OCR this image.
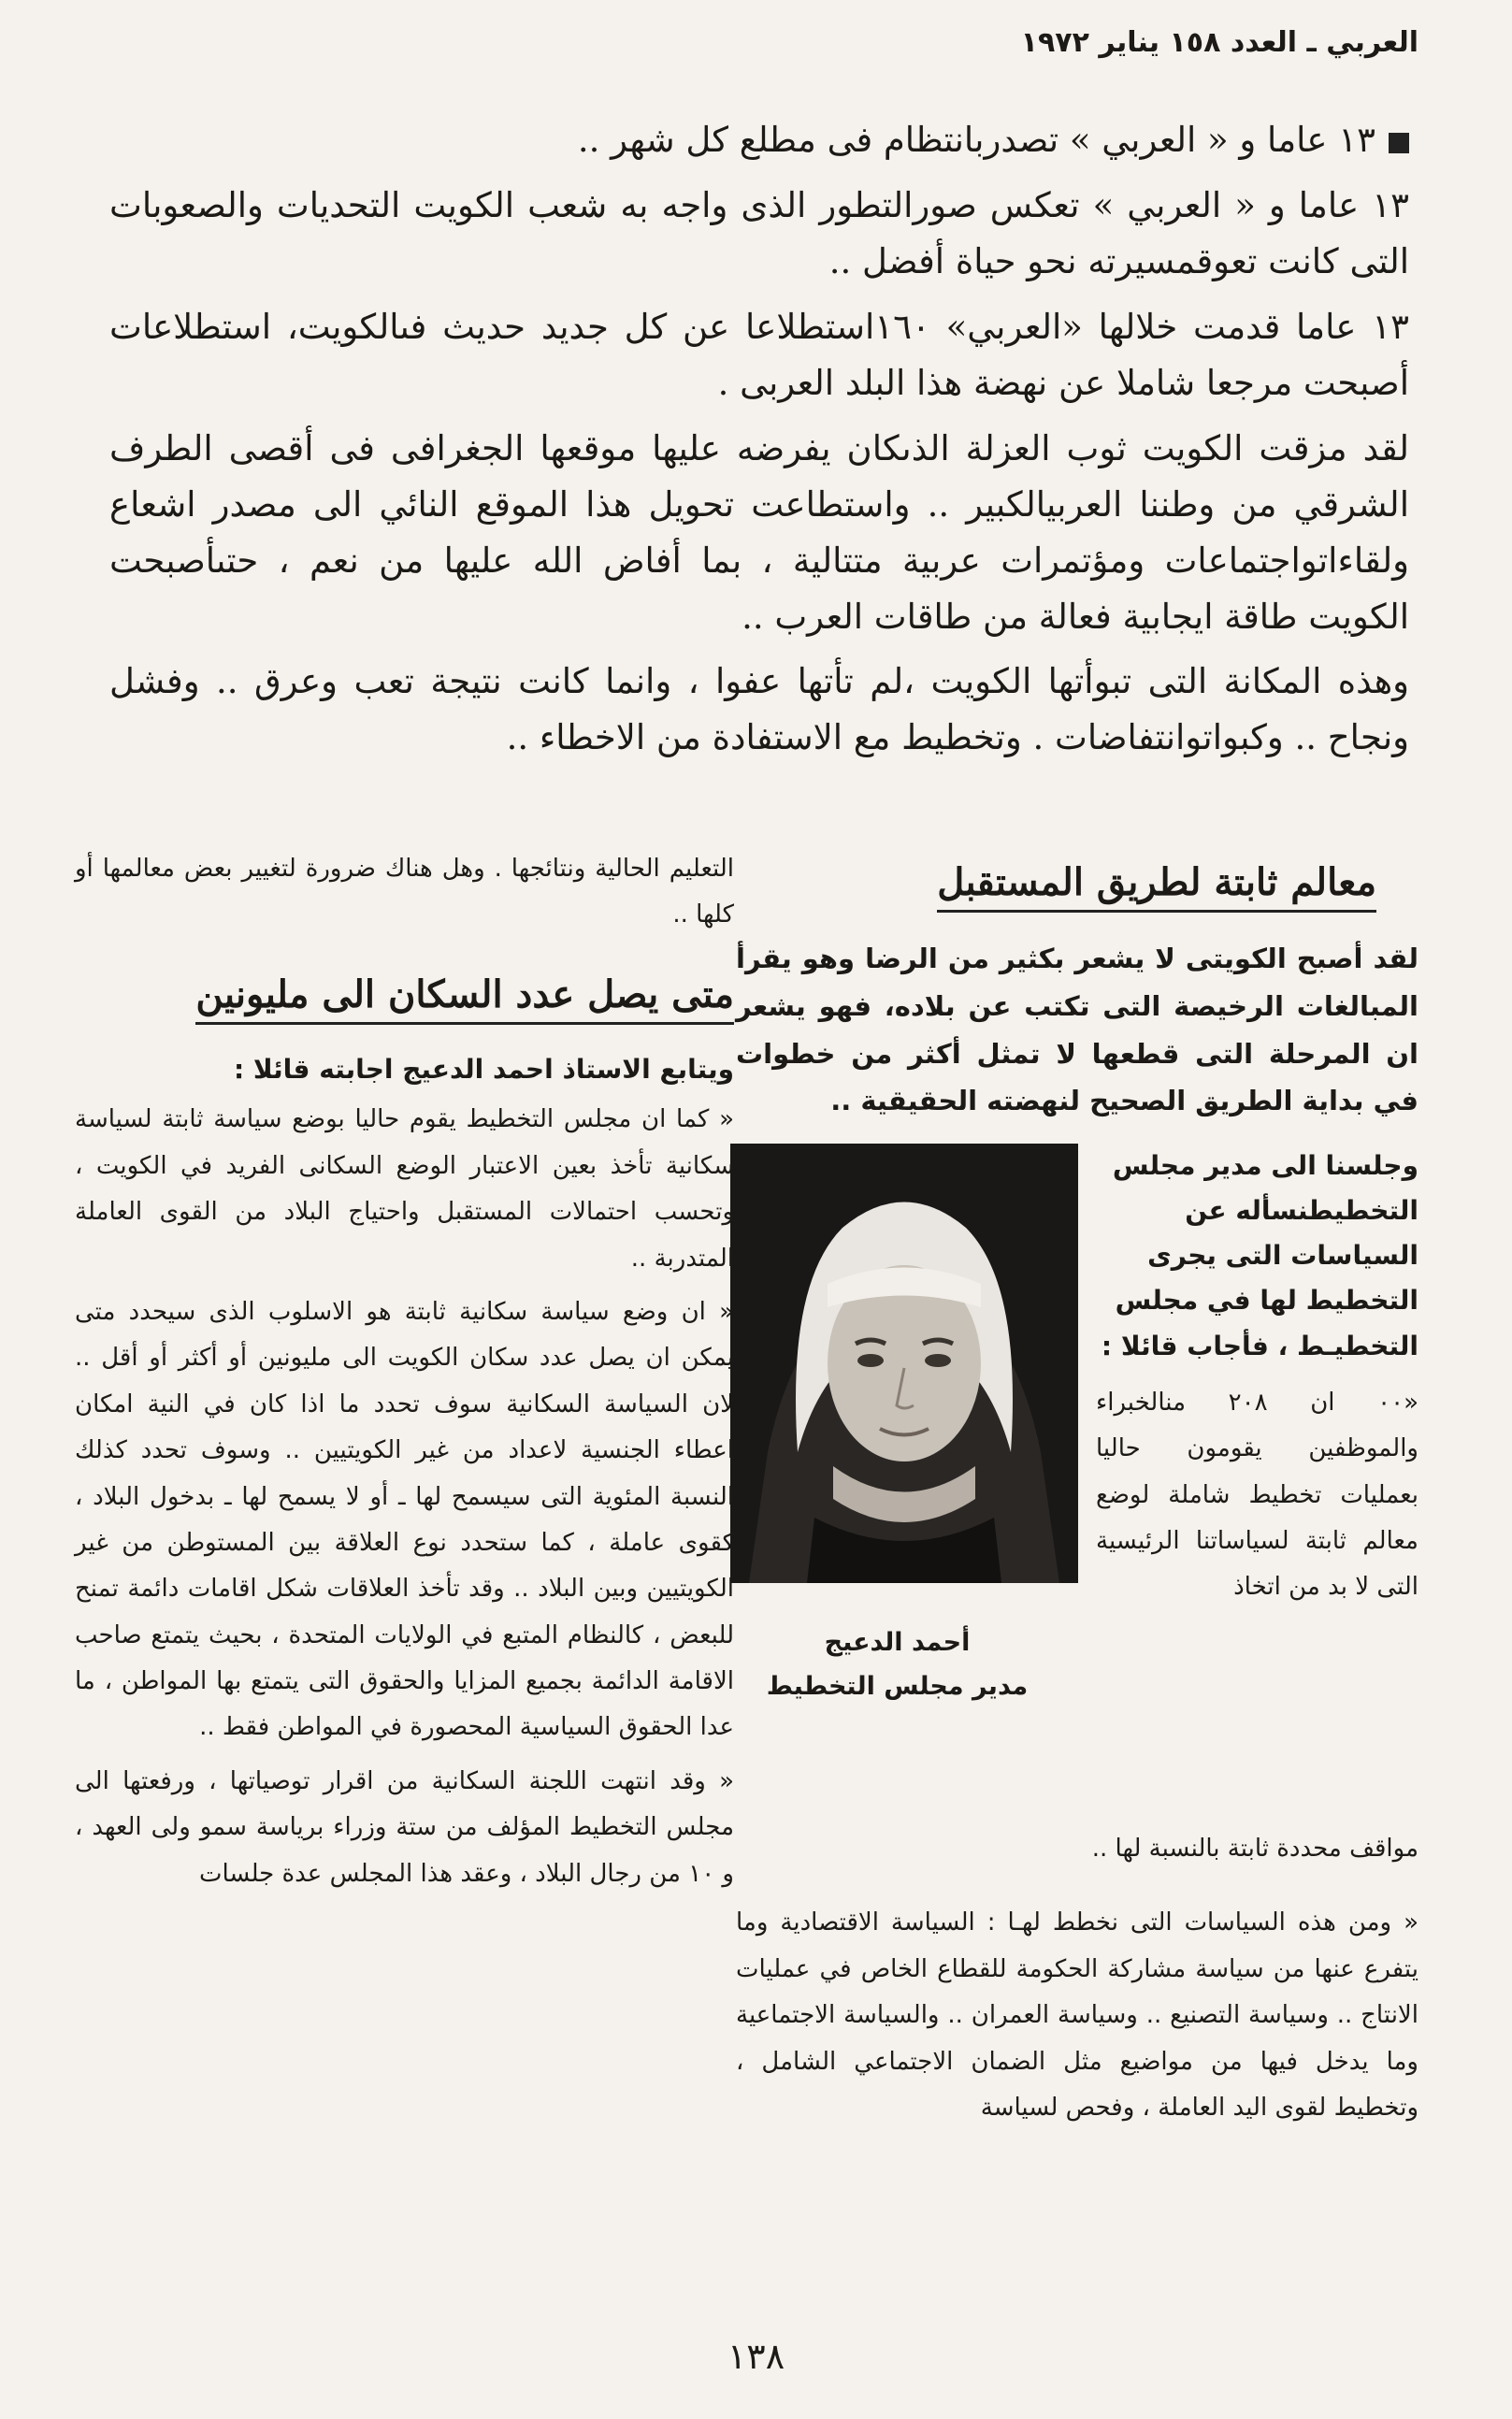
العربي ـ العدد ١٥٨ يناير ١٩٧٢

١٣ عاما و « العربي » تصدربانتظام فى مطلع كل شهر ..

١٣ عاما و « العربي » تعكس صورالتطور الذى واجه به شعب الكويت التحديات والصعوبات التى كانت تعوقمسيرته نحو حياة أفضل ..

١٣ عاما قدمت خلالها «العربي» ١٦٠استطلاعا عن كل جديد حديث فىالكويت، استطلاعات أصبحت مرجعا شاملا عن نهضة هذا البلد العربى .

لقد مزقت الكويت ثوب العزلة الذىكان يفرضه عليها موقعها الجغرافى فى أقصى الطرف الشرقي من وطننا العربيالكبير .. واستطاعت تحويل هذا الموقع النائي الى مصدر اشعاع ولقاءاتواجتماعات ومؤتمرات عربية متتالية ، بما أفاض الله عليها من نعم ، حتىأصبحت الكويت طاقة ايجابية فعالة من طاقات العرب ..

وهذه المكانة التى تبوأتها الكويت ،لم تأتها عفوا ، وانما كانت نتيجة تعب وعرق .. وفشل ونجاح .. وكبواتوانتفاضات . وتخطيط مع الاستفادة من الاخطاء ..

معالم ثابتة لطريق المستقبل

لقد أصبح الكويتى لا يشعر بكثير من الرضا وهو يقرأ المبالغات الرخيصة التى تكتب عن بلاده، فهو يشعر ان المرحلة التى قطعها لا تمثل أكثر من خطوات في بداية الطريق الصحيح لنهضته الحقيقية ..

وجلسنا الى مدير مجلس التخطيطنسأله عن السياسات التى يجرى التخطيط لها في مجلس التخطيـط ، فأجاب قائلا :

«٠٠ ان ٢٠٨ منالخبراء والموظفين يقومون حاليا بعمليات تخطيط شاملة لوضع معالم ثابتة لسياساتنا الرئيسية التى لا بد من اتخاذ

أحمد الدعيج
مدير مجلس التخطيط

مواقف محددة ثابتة بالنسبة لها ..

« ومن هذه السياسات التى نخطط لهـا : السياسة الاقتصادية وما يتفرع عنها من سياسة مشاركة الحكومة للقطاع الخاص في عمليات الانتاج .. وسياسة التصنيع .. وسياسة العمران .. والسياسة الاجتماعية وما يدخل فيها من مواضيع مثل الضمان الاجتماعي الشامل ، وتخطيط لقوى اليد العاملة ، وفحص لسياسة

التعليم الحالية ونتائجها . وهل هناك ضرورة لتغيير بعض معالمها أو كلها ..

متى يصل عدد السكان الى مليونين

ويتابع الاستاذ احمد الدعيج اجابته قائلا :

« كما ان مجلس التخطيط يقوم حاليا بوضع سياسة ثابتة لسياسة سكانية تأخذ بعين الاعتبار الوضع السكانى الفريد في الكويت ، وتحسب احتمالات المستقبل واحتياج البلاد من القوى العاملة المتدربة ..

« ان وضع سياسة سكانية ثابتة هو الاسلوب الذى سيحدد متى يمكن ان يصل عدد سكان الكويت الى مليونين أو أكثر أو أقل .. لان السياسة السكانية سوف تحدد ما اذا كان في النية امكان اعطاء الجنسية لاعداد من غير الكويتيين .. وسوف تحدد كذلك النسبة المئوية التى سيسمح لها ـ أو لا يسمح لها ـ بدخول البلاد ، كقوى عاملة ، كما ستحدد نوع العلاقة بين المستوطن من غير الكويتيين وبين البلاد .. وقد تأخذ العلاقات شكل اقامات دائمة تمنح للبعض ، كالنظام المتبع في الولايات المتحدة ، بحيث يتمتع صاحب الاقامة الدائمة بجميع المزايا والحقوق التى يتمتع بها المواطن ، ما عدا الحقوق السياسية المحصورة في المواطن فقط ..

« وقد انتهت اللجنة السكانية من اقرار توصياتها ، ورفعتها الى مجلس التخطيط المؤلف من ستة وزراء برياسة سمو ولى العهد ، و ١٠ من رجال البلاد ، وعقد هذا المجلس عدة جلسات

١٣٨
